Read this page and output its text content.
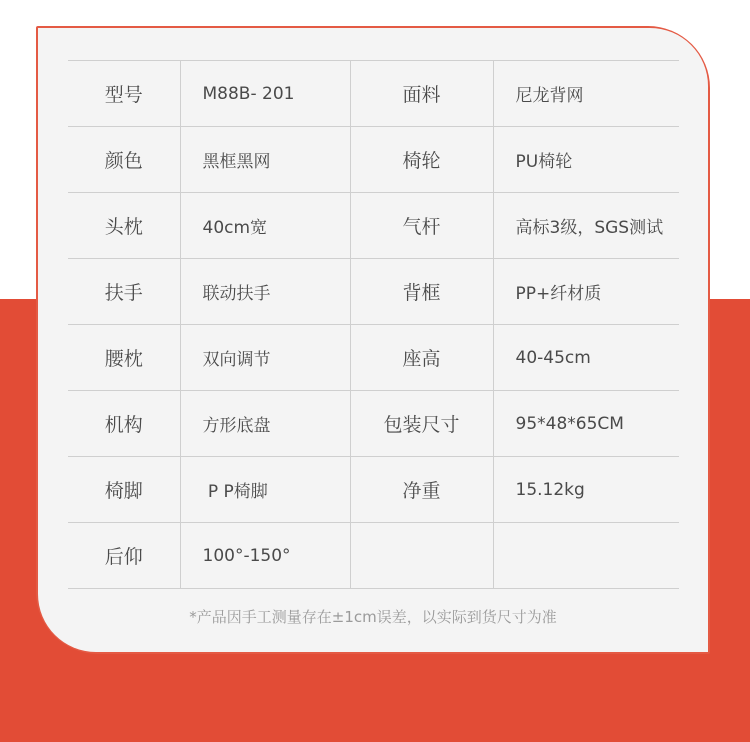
型号	M88B- 201	面料	尼龙背网
颜色	黑框黑网	椅轮	PU椅轮
头枕	40cm宽	气杆	高标3级，SGS测试
扶手	联动扶手	背框	PP+纤材质
腰枕	双向调节	座高	40-45cm
机构	方形底盘	包装尺寸	95*48*65CM
椅脚	P P椅脚	净重	15.12kg
后仰	100°-150°		
*产品因手工测量存在±1cm误差，以实际到货尺寸为准
